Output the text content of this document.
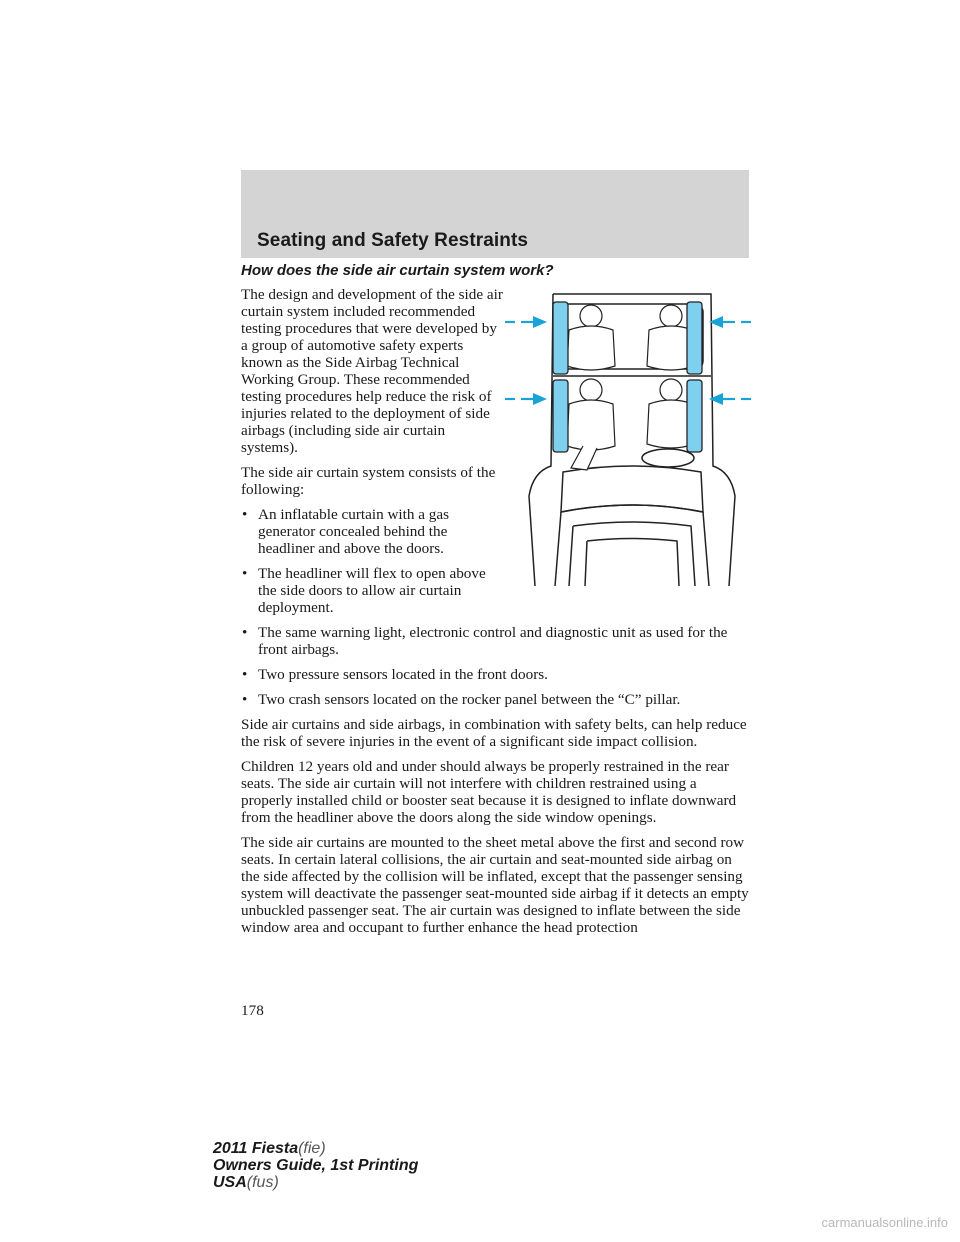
Seating and Safety Restraints
How does the side air curtain system work?

The design and development of the side air curtain system included recommended testing procedures that were developed by a group of automotive safety experts known as the Side Airbag Technical Working Group. These recommended testing procedures help reduce the risk of injuries related to the deployment of side airbags (including side air curtain systems).

The side air curtain system consists of the following:

• An inflatable curtain with a gas generator concealed behind the headliner and above the doors.
• The headliner will flex to open above the side doors to allow air curtain deployment.
• The same warning light, electronic control and diagnostic unit as used for the front airbags.
• Two pressure sensors located in the front doors.
• Two crash sensors located on the rocker panel between the “C” pillar.

Side air curtains and side airbags, in combination with safety belts, can help reduce the risk of severe injuries in the event of a significant side impact collision.

Children 12 years old and under should always be properly restrained in the rear seats. The side air curtain will not interfere with children restrained using a properly installed child or booster seat because it is designed to inflate downward from the headliner above the doors along the side window openings.

The side air curtains are mounted to the sheet metal above the first and second row seats. In certain lateral collisions, the air curtain and seat-mounted side airbag on the side affected by the collision will be inflated, except that the passenger sensing system will deactivate the passenger seat-mounted side airbag if it detects an empty unbuckled passenger seat. The air curtain was designed to inflate between the side window area and occupant to further enhance the head protection

178
2011 Fiesta(fie)
Owners Guide, 1st Printing
USA(fus)
carmanualsonline.info
